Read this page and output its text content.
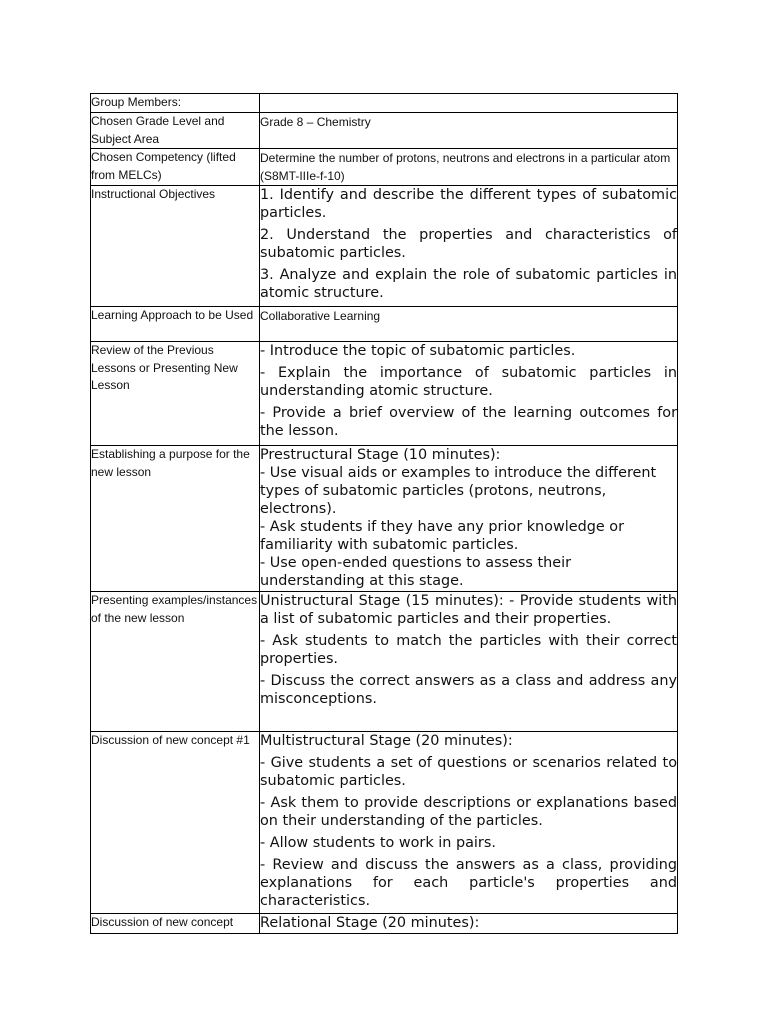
Group Members:	
Chosen Grade Level and Subject Area	Grade 8 – Chemistry
Chosen Competency (lifted from MELCs)	Determine the number of protons, neutrons and electrons in a particular atom (S8MT-IIIe-f-10)
Instructional Objectives	1. Identify and describe the different types of subatomic particles.

2. Understand the properties and characteristics of subatomic particles.

3. Analyze and explain the role of subatomic particles in atomic structure.

Learning Approach to be Used	Collaborative Learning
Review of the Previous Lessons or Presenting New Lesson	- Introduce the topic of subatomic particles.

- Explain the importance of subatomic particles in understanding atomic structure.

- Provide a brief overview of the learning outcomes for the lesson.

Establishing a purpose for the new lesson	Prestructural Stage (10 minutes):

- Use visual aids or examples to introduce the different types of subatomic particles (protons, neutrons, electrons).

- Ask students if they have any prior knowledge or familiarity with subatomic particles.

- Use open-ended questions to assess their understanding at this stage.

Presenting examples/instances of the new lesson	Unistructural Stage (15 minutes): - Provide students with a list of subatomic particles and their properties.

- Ask students to match the particles with their correct properties.

- Discuss the correct answers as a class and address any misconceptions.

Discussion of new concept #1	Multistructural Stage (20 minutes):

- Give students a set of questions or scenarios related to subatomic particles.

- Ask them to provide descriptions or explanations based on their understanding of the particles.

- Allow students to work in pairs.

- Review and discuss the answers as a class, providing explanations for each particle's properties and characteristics.

Discussion of new concept	Relational Stage (20 minutes):
